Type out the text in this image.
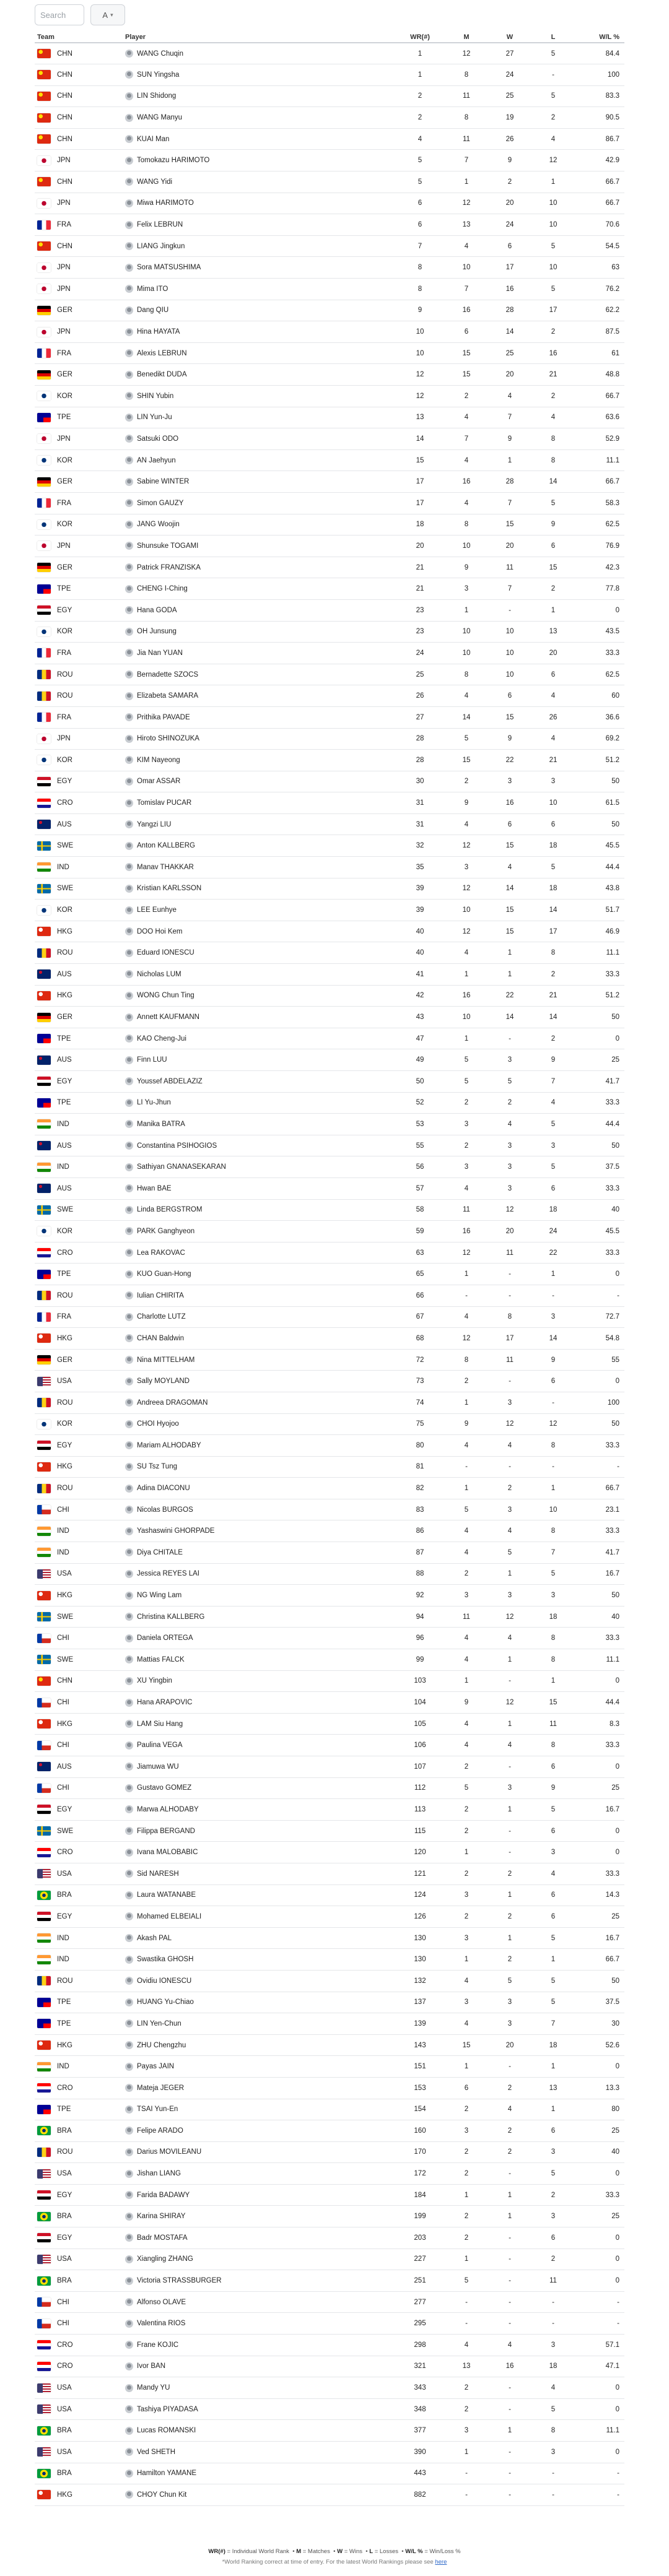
Search
A ▾
Team	Player	WR(#)	M	W	L	W/L %

CHN	WANG Chuqin	1	12	27	5	84.4

CHN	SUN Yingsha	1	8	24	-	100

CHN	LIN Shidong	2	11	25	5	83.3

CHN	WANG Manyu	2	8	19	2	90.5

CHN	KUAI Man	4	11	26	4	86.7

JPN	Tomokazu HARIMOTO	5	7	9	12	42.9

CHN	WANG Yidi	5	1	2	1	66.7

JPN	Miwa HARIMOTO	6	12	20	10	66.7

FRA	Felix LEBRUN	6	13	24	10	70.6

CHN	LIANG Jingkun	7	4	6	5	54.5

JPN	Sora MATSUSHIMA	8	10	17	10	63

JPN	Mima ITO	8	7	16	5	76.2

GER	Dang QIU	9	16	28	17	62.2

JPN	Hina HAYATA	10	6	14	2	87.5

FRA	Alexis LEBRUN	10	15	25	16	61

GER	Benedikt DUDA	12	15	20	21	48.8

KOR	SHIN Yubin	12	2	4	2	66.7

TPE	LIN Yun-Ju	13	4	7	4	63.6

JPN	Satsuki ODO	14	7	9	8	52.9

KOR	AN Jaehyun	15	4	1	8	11.1

GER	Sabine WINTER	17	16	28	14	66.7

FRA	Simon GAUZY	17	4	7	5	58.3

KOR	JANG Woojin	18	8	15	9	62.5

JPN	Shunsuke TOGAMI	20	10	20	6	76.9

GER	Patrick FRANZISKA	21	9	11	15	42.3

TPE	CHENG I-Ching	21	3	7	2	77.8

EGY	Hana GODA	23	1	-	1	0

KOR	OH Junsung	23	10	10	13	43.5

FRA	Jia Nan YUAN	24	10	10	20	33.3

ROU	Bernadette SZOCS	25	8	10	6	62.5

ROU	Elizabeta SAMARA	26	4	6	4	60

FRA	Prithika PAVADE	27	14	15	26	36.6

JPN	Hiroto SHINOZUKA	28	5	9	4	69.2

KOR	KIM Nayeong	28	15	22	21	51.2

EGY	Omar ASSAR	30	2	3	3	50

CRO	Tomislav PUCAR	31	9	16	10	61.5

AUS	Yangzi LIU	31	4	6	6	50

SWE	Anton KALLBERG	32	12	15	18	45.5

IND	Manav THAKKAR	35	3	4	5	44.4

SWE	Kristian KARLSSON	39	12	14	18	43.8

KOR	LEE Eunhye	39	10	15	14	51.7

HKG	DOO Hoi Kem	40	12	15	17	46.9

ROU	Eduard IONESCU	40	4	1	8	11.1

AUS	Nicholas LUM	41	1	1	2	33.3

HKG	WONG Chun Ting	42	16	22	21	51.2

GER	Annett KAUFMANN	43	10	14	14	50

TPE	KAO Cheng-Jui	47	1	-	2	0

AUS	Finn LUU	49	5	3	9	25

EGY	Youssef ABDELAZIZ	50	5	5	7	41.7

TPE	LI Yu-Jhun	52	2	2	4	33.3

IND	Manika BATRA	53	3	4	5	44.4

AUS	Constantina PSIHOGIOS	55	2	3	3	50

IND	Sathiyan GNANASEKARAN	56	3	3	5	37.5

AUS	Hwan BAE	57	4	3	6	33.3

SWE	Linda BERGSTROM	58	11	12	18	40

KOR	PARK Ganghyeon	59	16	20	24	45.5

CRO	Lea RAKOVAC	63	12	11	22	33.3

TPE	KUO Guan-Hong	65	1	-	1	0

ROU	Iulian CHIRITA	66	-	-	-	-

FRA	Charlotte LUTZ	67	4	8	3	72.7

HKG	CHAN Baldwin	68	12	17	14	54.8

GER	Nina MITTELHAM	72	8	11	9	55

USA	Sally MOYLAND	73	2	-	6	0

ROU	Andreea DRAGOMAN	74	1	3	-	100

KOR	CHOI Hyojoo	75	9	12	12	50

EGY	Mariam ALHODABY	80	4	4	8	33.3

HKG	SU Tsz Tung	81	-	-	-	-

ROU	Adina DIACONU	82	1	2	1	66.7

CHI	Nicolas BURGOS	83	5	3	10	23.1

IND	Yashaswini GHORPADE	86	4	4	8	33.3

IND	Diya CHITALE	87	4	5	7	41.7

USA	Jessica REYES LAI	88	2	1	5	16.7

HKG	NG Wing Lam	92	3	3	3	50

SWE	Christina KALLBERG	94	11	12	18	40

CHI	Daniela ORTEGA	96	4	4	8	33.3

SWE	Mattias FALCK	99	4	1	8	11.1

CHN	XU Yingbin	103	1	-	1	0

CHI	Hana ARAPOVIC	104	9	12	15	44.4

HKG	LAM Siu Hang	105	4	1	11	8.3

CHI	Paulina VEGA	106	4	4	8	33.3

AUS	Jiamuwa WU	107	2	-	6	0

CHI	Gustavo GOMEZ	112	5	3	9	25

EGY	Marwa ALHODABY	113	2	1	5	16.7

SWE	Filippa BERGAND	115	2	-	6	0

CRO	Ivana MALOBABIC	120	1	-	3	0

USA	Sid NARESH	121	2	2	4	33.3

BRA	Laura WATANABE	124	3	1	6	14.3

EGY	Mohamed ELBEIALI	126	2	2	6	25

IND	Akash PAL	130	3	1	5	16.7

IND	Swastika GHOSH	130	1	2	1	66.7

ROU	Ovidiu IONESCU	132	4	5	5	50

TPE	HUANG Yu-Chiao	137	3	3	5	37.5

TPE	LIN Yen-Chun	139	4	3	7	30

HKG	ZHU Chengzhu	143	15	20	18	52.6

IND	Payas JAIN	151	1	-	1	0

CRO	Mateja JEGER	153	6	2	13	13.3

TPE	TSAI Yun-En	154	2	4	1	80

BRA	Felipe ARADO	160	3	2	6	25

ROU	Darius MOVILEANU	170	2	2	3	40

USA	Jishan LIANG	172	2	-	5	0

EGY	Farida BADAWY	184	1	1	2	33.3

BRA	Karina SHIRAY	199	2	1	3	25

EGY	Badr MOSTAFA	203	2	-	6	0

USA	Xiangling ZHANG	227	1	-	2	0

BRA	Victoria STRASSBURGER	251	5	-	11	0

CHI	Alfonso OLAVE	277	-	-	-	-

CHI	Valentina RIOS	295	-	-	-	-

CRO	Frane KOJIC	298	4	4	3	57.1

CRO	Ivor BAN	321	13	16	18	47.1

USA	Mandy YU	343	2	-	4	0

USA	Tashiya PIYADASA	348	2	-	5	0

BRA	Lucas ROMANSKI	377	3	1	8	11.1

USA	Ved SHETH	390	1	-	3	0

BRA	Hamilton YAMANE	443	-	-	-	-

HKG	CHOY Chun Kit	882	-	-	-	-
WR(#) = Individual World Rank  • M = Matches  • W = Wins  • L = Losses  • W/L % = Win/Loss %
*World Ranking correct at time of entry. For the latest World Rankings please see here
